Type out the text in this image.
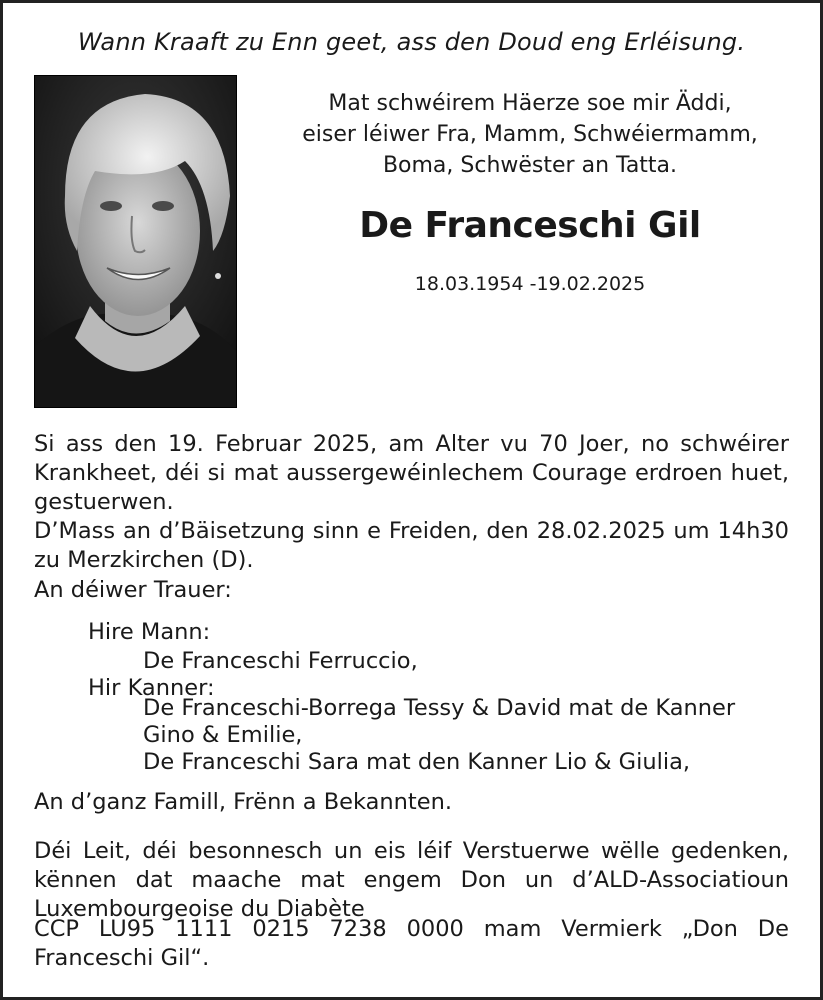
Wann Kraaft zu Enn geet, ass den Doud eng Erléisung.
Mat schwéirem Häerze soe mir Äddi,
eiser léiwer Fra, Mamm, Schwéiermamm,
Boma, Schwëster an Tatta.
De Franceschi Gil
18.03.1954 -19.02.2025
Si ass den 19. Februar 2025, am Alter vu 70 Joer, no schwéirer Krankheet, déi si mat aussergewéinlechem Courage erdroen huet, gestuerwen.
D’Mass an d’Bäisetzung sinn e Freiden, den 28.02.2025 um 14h30 zu Merzkirchen (D).
An déiwer Trauer:
Hire Mann:
De Franceschi Ferruccio,
Hir Kanner:
De Franceschi-Borrega Tessy & David mat de Kanner
Gino & Emilie,
De Franceschi Sara mat den Kanner Lio & Giulia,
An d’ganz Famill, Frënn a Bekannten.
Déi Leit, déi besonnesch un eis léif Verstuerwe wëlle gedenken, kënnen dat maache mat engem Don un d’ALD-Associatioun Luxembourgeoise du Diabète
CCP LU95 1111 0215 7238 0000 mam Vermierk „Don De
Franceschi Gil“.
